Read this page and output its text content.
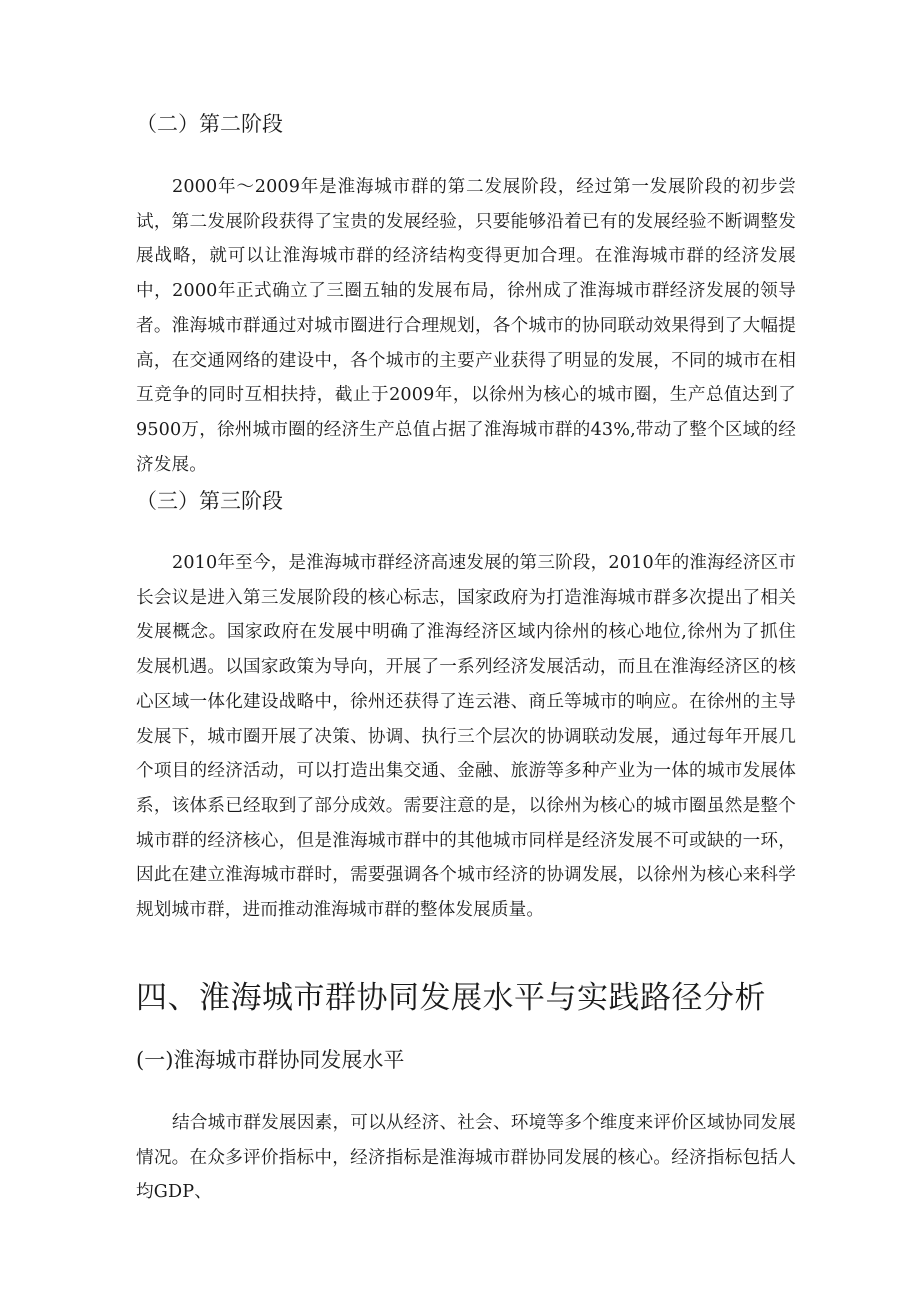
（二）第二阶段

2000年～2009年是淮海城市群的第二发展阶段，经过第一发展阶段的初步尝试，第二发展阶段获得了宝贵的发展经验，只要能够沿着已有的发展经验不断调整发展战略，就可以让淮海城市群的经济结构变得更加合理。在淮海城市群的经济发展中，2000年正式确立了三圈五轴的发展布局，徐州成了淮海城市群经济发展的领导者。淮海城市群通过对城市圈进行合理规划，各个城市的协同联动效果得到了大幅提高，在交通网络的建设中，各个城市的主要产业获得了明显的发展，不同的城市在相互竞争的同时互相扶持，截止于2009年，以徐州为核心的城市圈，生产总值达到了9500万，徐州城市圈的经济生产总值占据了淮海城市群的43%,带动了整个区域的经济发展。

（三）第三阶段

2010年至今，是淮海城市群经济高速发展的第三阶段，2010年的淮海经济区市长会议是进入第三发展阶段的核心标志，国家政府为打造淮海城市群多次提出了相关发展概念。国家政府在发展中明确了淮海经济区域内徐州的核心地位,徐州为了抓住发展机遇。以国家政策为导向，开展了一系列经济发展活动，而且在淮海经济区的核心区域一体化建设战略中，徐州还获得了连云港、商丘等城市的响应。在徐州的主导发展下，城市圈开展了决策、协调、执行三个层次的协调联动发展，通过每年开展几个项目的经济活动，可以打造出集交通、金融、旅游等多种产业为一体的城市发展体系，该体系已经取到了部分成效。需要注意的是，以徐州为核心的城市圈虽然是整个城市群的经济核心，但是淮海城市群中的其他城市同样是经济发展不可或缺的一环，因此在建立淮海城市群时，需要强调各个城市经济的协调发展，以徐州为核心来科学规划城市群，进而推动淮海城市群的整体发展质量。

四、淮海城市群协同发展水平与实践路径分析
(一)淮海城市群协同发展水平

结合城市群发展因素，可以从经济、社会、环境等多个维度来评价区域协同发展情况。在众多评价指标中，经济指标是淮海城市群协同发展的核心。经济指标包括人均GDP、
